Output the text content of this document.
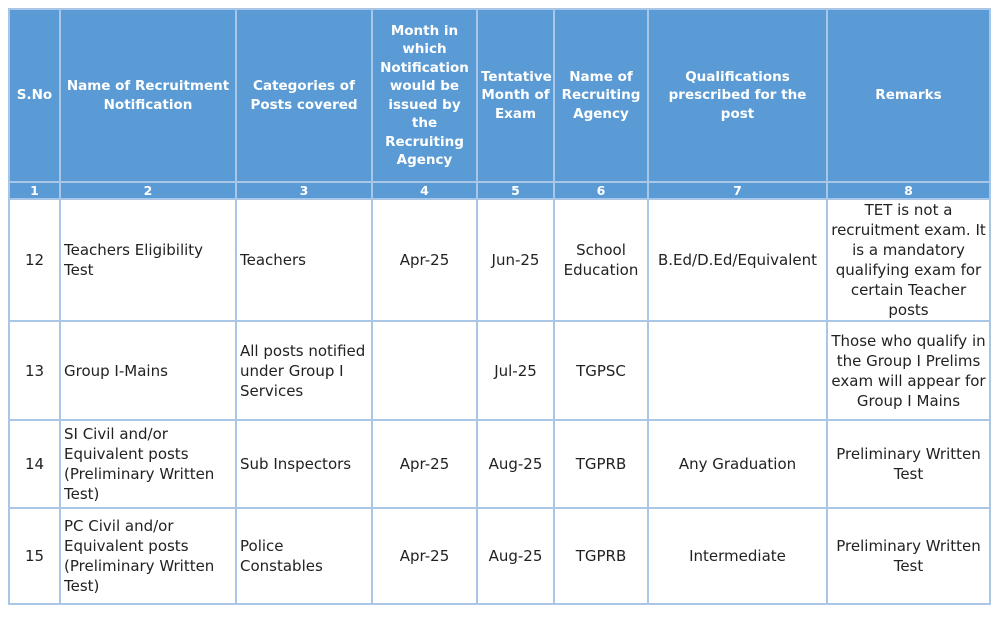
S.No	Name of Recruitment Notification	Categories of Posts covered	Month in which Notification would be issued by the Recruiting Agency	Tentative Month of Exam	Name of Recruiting Agency	Qualifications prescribed for the post	Remarks
1	2	3	4	5	6	7	8
12	Teachers Eligibility Test	Teachers	Apr-25	Jun-25	School Education	B.Ed/D.Ed/Equivalent	TET is not a recruitment exam. It is a mandatory qualifying exam for certain Teacher posts
13	Group I-Mains	All posts notified under Group I Services		Jul-25	TGPSC		Those who qualify in the Group I Prelims exam will appear for Group I Mains
14	SI Civil and/or Equivalent posts (Preliminary Written Test)	Sub Inspectors	Apr-25	Aug-25	TGPRB	Any Graduation	Preliminary Written Test
15	PC Civil and/or Equivalent posts (Preliminary Written Test)	Police Constables	Apr-25	Aug-25	TGPRB	Intermediate	Preliminary Written Test
